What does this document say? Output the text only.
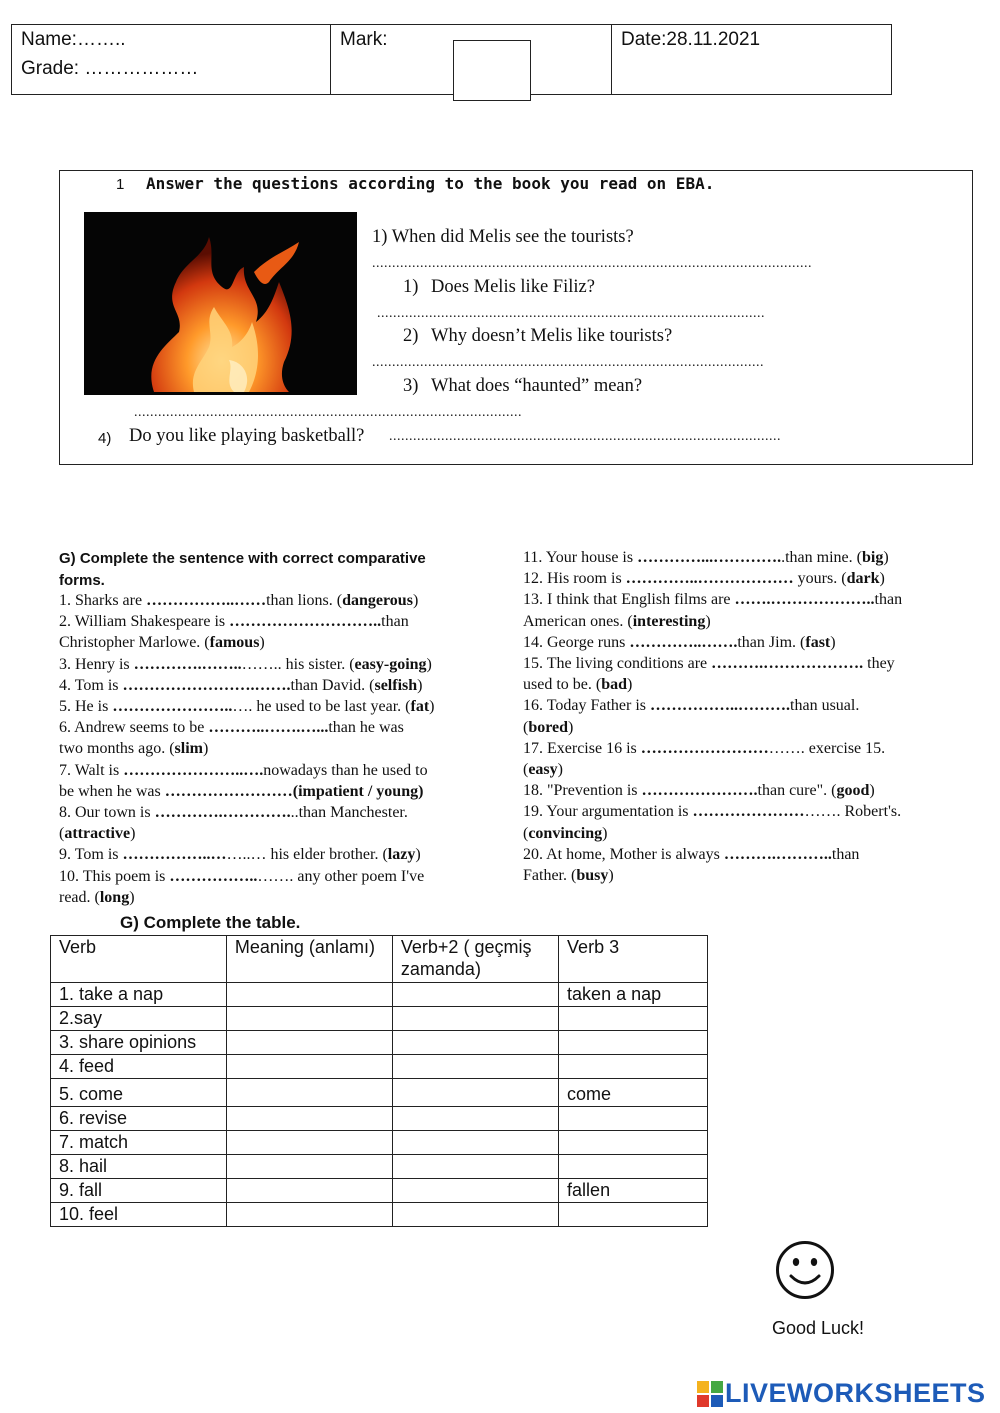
Name:……..
Grade: ………………
Mark:	Date:28.11.2021
1 Answer the questions according to the book you read on EBA.
1) When did Melis see the tourists?
..............................................................................................................
1) Does Melis like Filiz?
.................................................................................................
2) Why doesn’t Melis like tourists?
..................................................................................................
3) What does “haunted” mean?
.................................................................................................
4) Do you like playing basketball? ..................................................................................................
G) Complete the sentence with correct comparative
forms.
1. Sharks are ……………..……than lions. (dangerous)
2. William Shakespeare is ………………………..than
Christopher Marlowe. (famous)
3. Henry is ………….……..…….. his sister. (easy-going)
4. Tom is …………………….…….than David. (selfish)
5. He is …………………..…. he used to be last year. (fat)
6. Andrew seems to be ………..…….…...than he was
two months ago. (slim)
7. Walt is …………………..….nowadays than he used to
be when he was ……………………(impatient / young)
8. Our town is ………….…………...than Manchester.
(attractive)
9. Tom is ……………..……..… his elder brother. (lazy)
10. This poem is ……………..……. any other poem I've
read. (long)
11. Your house is …………...…………..than mine. (big)
12. His room is …………..……………… yours. (dark)
13. I think that English films are …….………………..than
American ones. (interesting)
14. George runs …………..…….than Jim. (fast)
15. The living conditions are ……….………………. they
used to be. (bad)
16. Today Father is ……………..……….than usual.
(bored)
17. Exercise 16 is …………………………. exercise 15.
(easy)
18. "Prevention is ………………….than cure". (good)
19. Your argumentation is ………………………. Robert's.
(convincing)
20. At home, Mother is always ……….………..than
Father. (busy)
G) Complete the table.
Verb	Meaning (anlamı)	Verb+2 ( geçmiş zamanda)	Verb 3
1. take a nap			taken a nap
2.say			
3. share opinions			
4. feed			
5. come			come
6. revise			
7. match			
8. hail			
9. fall			fallen
10. feel			
Good Luck!
LIVEWORKSHEETS
